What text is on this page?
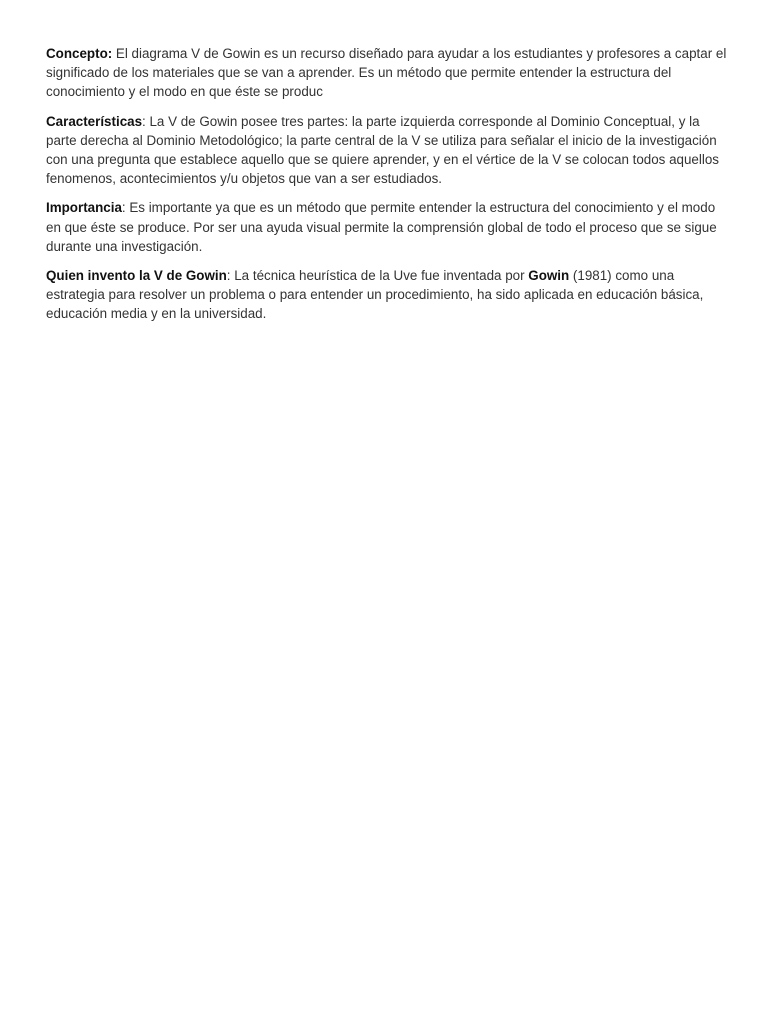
Concepto: El diagrama V de Gowin es un recurso diseñado para ayudar a los estudiantes y profesores a captar el significado de los materiales que se van a aprender. Es un método que permite entender la estructura del conocimiento y el modo en que éste se produc

Características: La V de Gowin posee tres partes: la parte izquierda corresponde al Dominio Conceptual, y la parte derecha al Dominio Metodológico; la parte central de la V se utiliza para señalar el inicio de la investigación con una pregunta que establece aquello que se quiere aprender, y en el vértice de la V se colocan todos aquellos fenomenos, acontecimientos y/u objetos que van a ser estudiados.

Importancia: Es importante ya que es un método que permite entender la estructura del conocimiento y el modo en que éste se produce. Por ser una ayuda visual permite la comprensión global de todo el proceso que se sigue durante una investigación.

Quien invento la V de Gowin: La técnica heurística de la Uve fue inventada por Gowin (1981) como una estrategia para resolver un problema o para entender un procedimiento, ha sido aplicada en educación básica, educación media y en la universidad.
